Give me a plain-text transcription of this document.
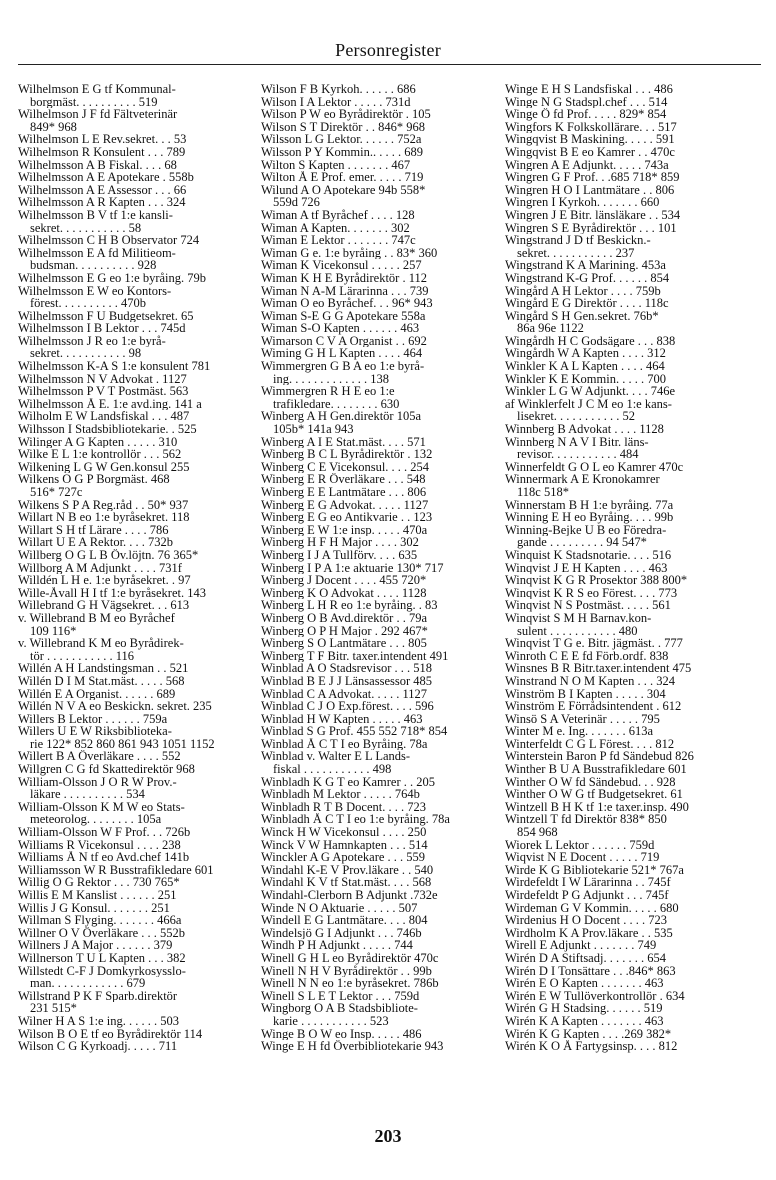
Personregister
Wilhelmson E G tf Kommunal-
borgmäst. . . . . . . . . . 519
Wilhelmson J F fd Fältveterinär
849* 968
Wilhelmson L E Rev.sekret. . . 53
Wilhelmson R Konsulent . . . 789
Wilhelmsson A B Fiskal. . . . 68
Wilhelmsson A E Apotekare . 558b
Wilhelmsson A E Assessor . . . 66
Wilhelmsson A R Kapten . . . 324
Wilhelmsson B V tf 1:e kansli-
sekret. . . . . . . . . . . 58
Wilhelmsson C H B Observator 724
Wilhelmsson E A fd Militieom-
budsman. . . . . . . . . . 928
Wilhelmsson E G eo 1:e byråing. 79b
Wilhelmsson E W eo Kontors-
förest. . . . . . . . . . 470b
Wilhelmsson F U Budgetsekret. 65
Wilhelmsson I B Lektor . . . 745d
Wilhelmsson J R eo 1:e byrå-
sekret. . . . . . . . . . . 98
Wilhelmsson K-A S 1:e konsulent 781
Wilhelmsson N V Advokat . 1127
Wilhelmsson P V T Postmäst. 563
Wilhelmsson Å E. 1:e avd.ing. 141 a
Wilholm E W Landsfiskal . . . 487
Wilhsson I Stadsbibliotekarie. . 525
Wilinger A G Kapten . . . . . 310
Wilke E L 1:e kontrollör . . . 562
Wilkening L G W Gen.konsul 255
Wilkens O G P Borgmäst. 468
516* 727c
Wilkens S P A Reg.råd . . 50* 937
Willart N B eo 1:e byråsekret. 118
Willart S H tf Lärare . . . . 786
Willart U E A Rektor. . . . 732b
Willberg O G L B Öv.löjtn. 76 365*
Willborg A M Adjunkt . . . . 731f
Willdén L H e. 1:e byråsekret. . 97
Wille-Åvall H I tf 1:e byråsekret. 143
Willebrand G H Vägsekret. . . 613
v. Willebrand B M eo Byråchef
109 116*
v. Willebrand K M eo Byrådirek-
tör . . . . . . . . . . . 116
Willén A H Landstingsman . . 521
Willén D I M Stat.mäst. . . . . 568
Willén E A Organist. . . . . . 689
Willén N V A eo Beskickn. sekret. 235
Willers B Lektor . . . . . . 759a
Willers U E W Riksbiblioteka-
rie 122* 852 860 861 943 1051 1152
Willert B A Överläkare . . . . 552
Willgren C G fd Skattedirektör 968
William-Olsson J O R W Prov.-
läkare . . . . . . . . . . 534
William-Olsson K M W eo Stats-
meteorolog. . . . . . . . 105a
William-Olsson W F Prof. . . 726b
Williams R Vicekonsul . . . . 238
Williams Å N tf eo Avd.chef 141b
Williamsson W R Busstrafikledare 601
Willig O G Rektor . . . 730 765*
Willis E M Kanslist . . . . . . 251
Willis J G Konsul. . . . . . . 251
Willman S Flyging. . . . . . . 466a
Willner O V Överläkare . . . 552b
Willners J A Major . . . . . . 379
Willnerson T U L Kapten . . . 382
Willstedt C-F J Domkyrkosysslo-
man. . . . . . . . . . . . 679
Willstrand P K F Sparb.direktör
231 515*
Wilner H A S 1:e ing. . . . . . 503
Wilson B O E tf eo Byrådirektör 114
Wilson C G Kyrkoadj. . . . . 711
Wilson F B Kyrkoh. . . . . . 686
Wilson I A Lektor . . . . . 731d
Wilson P W eo Byrådirektör . 105
Wilson S T Direktör . . 846* 968
Wilsson L G Lektor. . . . . . 752a
Wilsson P Y Kommin.. . . . . 689
Wilton S Kapten . . . . . . . 467
Wilton Å E Prof. emer. . . . . 719
Wilund A O Apotekare 94b 558*
559d 726
Wiman A tf Byråchef . . . . 128
Wiman A Kapten. . . . . . . 302
Wiman E Lektor . . . . . . . 747c
Wiman G e. 1:e byråing . . 83* 360
Wiman K Vicekonsul . . . . . 257
Wiman K H E Byrådirektör . 112
Wiman N A-M Lärarinna . . . 739
Wiman O eo Byråchef. . . 96* 943
Wiman S-E G G Apotekare 558a
Wiman S-O Kapten . . . . . . 463
Wimarson C V A Organist . . 692
Wiming G H L Kapten . . . . 464
Wimmergren G B A eo 1:e byrå-
ing. . . . . . . . . . . . . 138
Wimmergren R H E eo 1:e
trafikledare. . . . . . . . 630
Winberg A H Gen.direktör 105a
105b* 141a 943
Winberg A I E Stat.mäst. . . . 571
Winberg B C L Byrådirektör . 132
Winberg C E Vicekonsul. . . . 254
Winberg E R Överläkare . . . 548
Winberg E E Lantmätare . . . 806
Winberg E G Advokat. . . . . 1127
Winberg E G eo Antikvarie . . 123
Winberg E W 1:e insp. . . . . 470a
Winberg H F H Major . . . . 302
Winberg I J A Tullförv. . . . 635
Winberg I P A 1:e aktuarie 130* 717
Winberg J Docent . . . . 455 720*
Winberg K O Advokat . . . . 1128
Winberg L H R eo 1:e byråing. . 83
Winberg O B Avd.direktör . . 79a
Winberg O P H Major . 292 467*
Winberg S O Lantmätare . . . 805
Winberg T F Bitr. taxer.intendent 491
Winblad A O Stadsrevisor . . . 518
Winblad B E J J Länsassessor 485
Winblad C A Advokat. . . . . 1127
Winblad C J O Exp.förest. . . . 596
Winblad H W Kapten . . . . . 463
Winblad S G Prof. 455 552 718* 854
Winblad Å C T I eo Byråing. 78a
Winblad v. Walter E L Lands-
fiskal . . . . . . . . . . . 498
Winbladh K G T eo Kamrer . . 205
Winbladh M Lektor . . . . . 764b
Winbladh R T B Docent. . . . 723
Winbladh Å C T I eo 1:e byråing. 78a
Winck H W Vicekonsul . . . . 250
Winck V W Hamnkapten . . . 514
Winckler A G Apotekare . . . 559
Windahl K-E V Prov.läkare . . 540
Windahl K V tf Stat.mäst. . . . 568
Windahl-Clerborn B Adjunkt .732e
Winde N O Aktuarie . . . . . 507
Windell E G Lantmätare. . . . 804
Windelsjö G I Adjunkt . . . 746b
Windh P H Adjunkt . . . . . 744
Winell G H L eo Byrådirektör 470c
Winell N H V Byrådirektör . . 99b
Winell N N eo 1:e byråsekret. 786b
Winell S L E T Lektor . . . 759d
Wingborg O A B Stadsbibliote-
karie . . . . . . . . . . . 523
Winge B O W eo Insp. . . . . 486
Winge E H fd Överbibliotekarie 943
Winge E H S Landsfiskal . . . 486
Winge N G Stadspl.chef . . . 514
Winge Ö fd Prof. . . . . 829* 854
Wingfors K Folkskollärare. . . 517
Wingqvist B Maskining. . . . . 591
Wingqvist B E eo Kamrer . . 470c
Wingren A E Adjunkt. . . . . 743a
Wingren G F Prof. . .685 718* 859
Wingren H O I Lantmätare . . 806
Wingren I Kyrkoh. . . . . . . 660
Wingren J E Bitr. länsläkare . . 534
Wingren S E Byrådirektör . . . 101
Wingstrand J D tf Beskickn.-
sekret. . . . . . . . . . . 237
Wingstrand K A Marining. 453a
Wingstrand K-G Prof. . . . . . 854
Wingård A H Lektor . . . . 759b
Wingård E G Direktör . . . . 118c
Wingård S H Gen.sekret. 76b*
86a 96e 1122
Wingårdh H C Godsägare . . . 838
Wingårdh W A Kapten . . . . 312
Winkler K A L Kapten . . . . 464
Winkler K E Kommin. . . . . 700
Winkler L G W Adjunkt. . . . 746e
af Winklerfelt J C M eo 1:e kans-
lisekret. . . . . . . . . . . 52
Winnberg B Advokat . . . . 1128
Winnberg N A V I Bitr. läns-
revisor. . . . . . . . . . . 484
Winnerfeldt G O L eo Kamrer 470c
Winnermark A E Kronokamrer
118c 518*
Winnerstam B H 1:e byråing. 77a
Winning E H eo Byråing. . . . 99b
Winning-Bejke U B eo Föredra-
gande . . . . . . . . . 94 547*
Winquist K Stadsnotarie. . . . 516
Winqvist J E H Kapten . . . . 463
Winqvist K G R Prosektor 388 800*
Winqvist K R S eo Förest. . . . 773
Winqvist N S Postmäst. . . . . 561
Winqvist S M H Barnav.kon-
sulent . . . . . . . . . . . 480
Winqvist T G e. Bitr. jägmäst. . 777
Winroth C E E fd Förb.ordf. 838
Winsnes B R Bitr.taxer.intendent 475
Winstrand N O M Kapten . . . 324
Winström B I Kapten . . . . . 304
Winström E Förrådsintendent . 612
Winsö S A Veterinär . . . . . 795
Winter M e. Ing. . . . . . . 613a
Winterfeldt C G L Förest. . . . 812
Winterstein Baron P fd Sändebud 826
Winther B U A Busstrafikledare 601
Winther O W fd Sändebud. . . 928
Winther O W G tf Budgetsekret. 61
Wintzell B H K tf 1:e taxer.insp. 490
Wintzell T fd Direktör 838* 850
854 968
Wiorek L Lektor . . . . . . 759d
Wiqvist N E Docent . . . . . 719
Wirde K G Bibliotekarie 521* 767a
Wirdefeldt I W Lärarinna . . 745f
Wirdefeldt P G Adjunkt . . . 745f
Wirdeman G V Kommin. . . . . 680
Wirdenius H O Docent . . . . 723
Wirdholm K A Prov.läkare . . 535
Wirell E Adjunkt . . . . . . . 749
Wirén D A Stiftsadj. . . . . . . 654
Wirén D I Tonsättare . . .846* 863
Wirén E O Kapten . . . . . . . 463
Wirén E W Tullöverkontrollör . 634
Wirén G H Stadsing. . . . . . 519
Wirén K A Kapten . . . . . . . 463
Wirén K G Kapten . . . .269 382*
Wirén K O Å Fartygsinsp. . . . 812
203
